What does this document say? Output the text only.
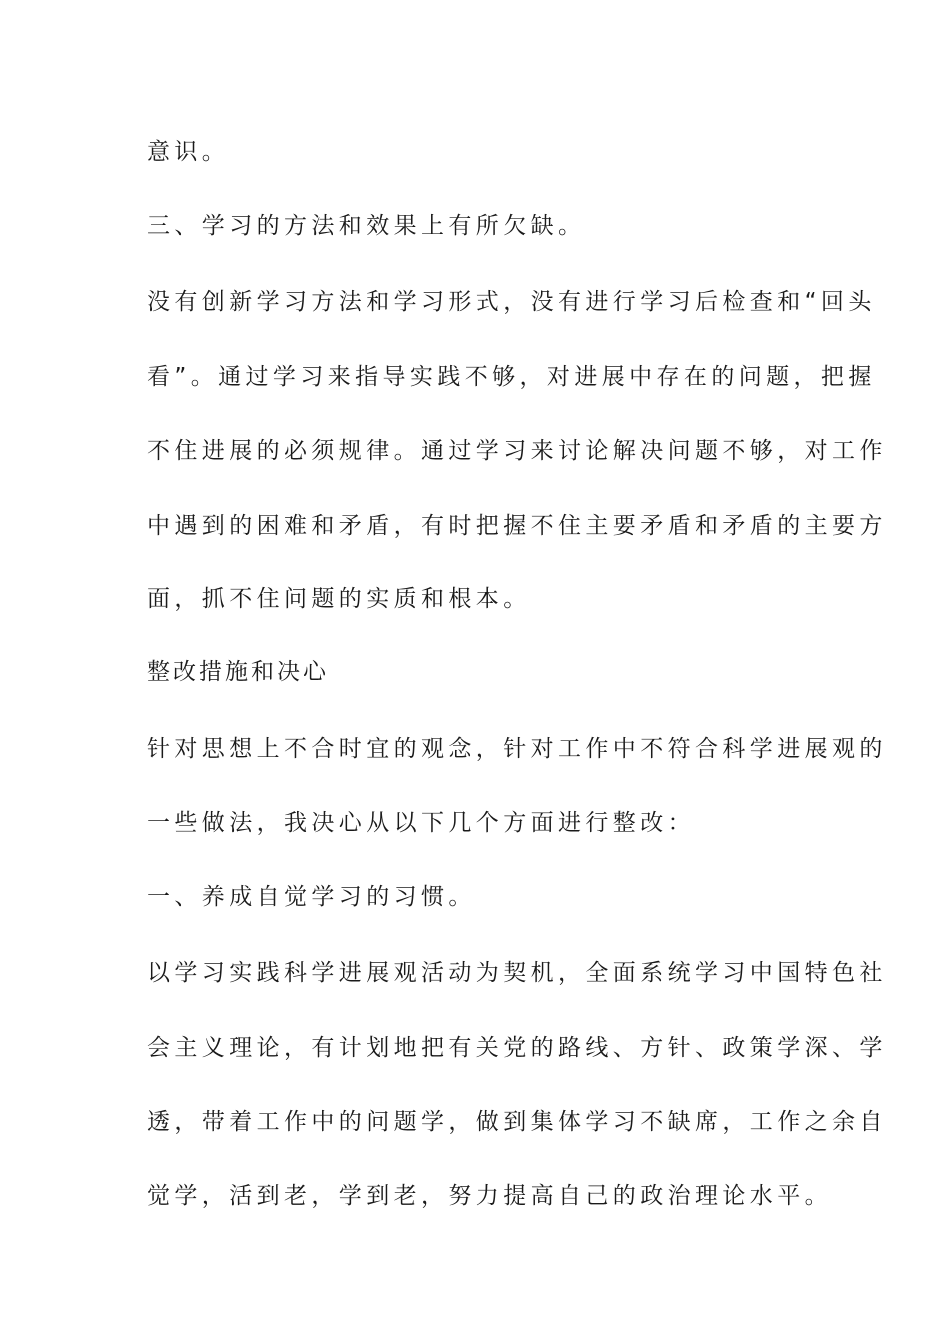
意识。

三、学习的方法和效果上有所欠缺。

没有创新学习方法和学习形式，没有进行学习后检查和“回头

看”。通过学习来指导实践不够，对进展中存在的问题，把握

不住进展的必须规律。通过学习来讨论解决问题不够，对工作

中遇到的困难和矛盾，有时把握不住主要矛盾和矛盾的主要方

面，抓不住问题的实质和根本。

整改措施和决心

针对思想上不合时宜的观念，针对工作中不符合科学进展观的

一些做法，我决心从以下几个方面进行整改：

一、养成自觉学习的习惯。

以学习实践科学进展观活动为契机，全面系统学习中国特色社

会主义理论，有计划地把有关党的路线、方针、政策学深、学

透，带着工作中的问题学，做到集体学习不缺席，工作之余自

觉学，活到老，学到老，努力提高自己的政治理论水平。
